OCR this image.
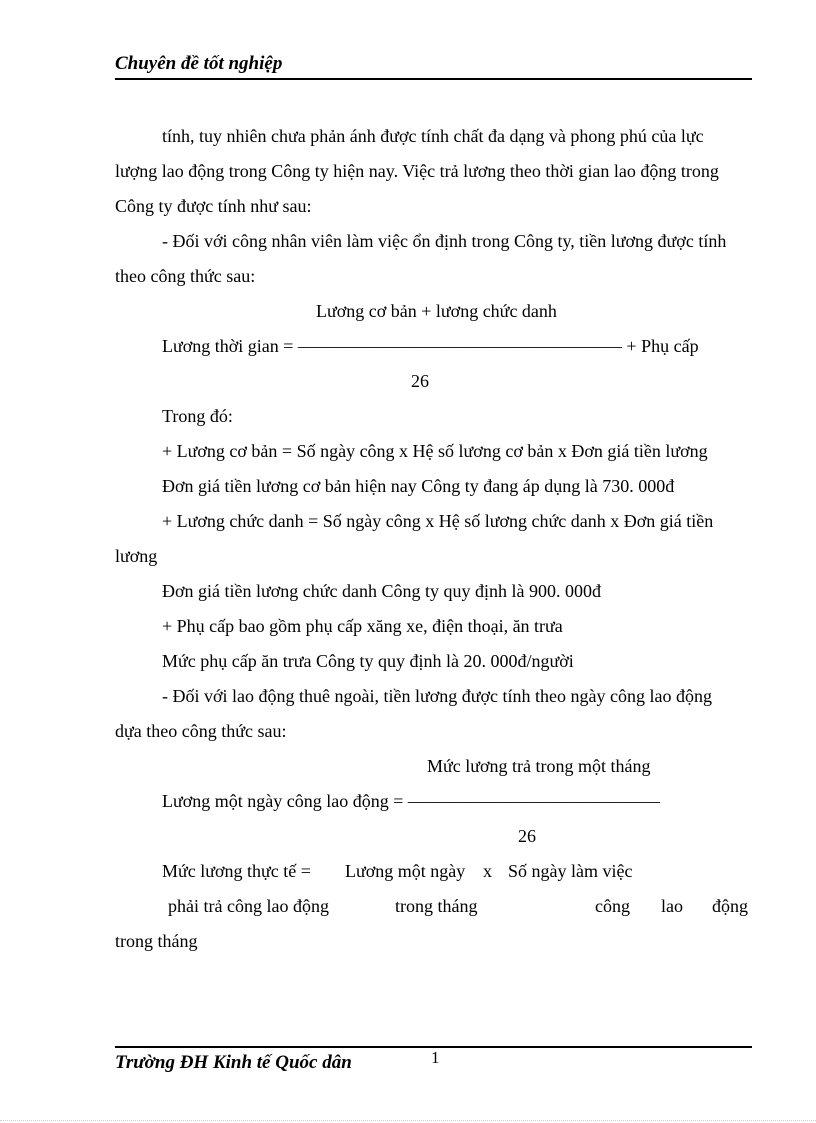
Chuyên đề tốt nghiệp
tính, tuy nhiên chưa phản ánh được tính chất đa dạng và phong phú của lực
lượng lao động trong Công ty hiện nay. Việc trả lương theo thời gian lao động trong
Công ty được tính như sau:
- Đối với công nhân viên làm việc ổn định trong Công ty, tiền lương được tính
theo công thức sau:
Lương cơ bản + lương chức danh
Lương thời gian = —————————————————— + Phụ cấp
26
Trong đó:
+ Lương cơ bản = Số ngày công x Hệ số lương cơ bản x Đơn giá tiền lương
Đơn giá tiền lương cơ bản hiện nay Công ty đang áp dụng là 730. 000đ
+ Lương chức danh = Số ngày công x Hệ số lương chức danh x Đơn giá tiền
lương
Đơn giá tiền lương chức danh Công ty quy định là 900. 000đ
+ Phụ cấp bao gồm phụ cấp xăng xe, điện thoại, ăn trưa
Mức phụ cấp ăn trưa Công ty quy định là 20. 000đ/người
- Đối với lao động thuê ngoài, tiền lương được tính theo ngày công lao động
dựa theo công thức sau:
Mức lương trả trong một tháng
Lương một ngày công lao động = ——————————————
26
Mức lương thực tế = Lương một ngày x Số ngày làm việc
phải trả công lao động	trong tháng	công lao động
trong tháng
Trường ĐH Kinh tế Quốc dân	1
